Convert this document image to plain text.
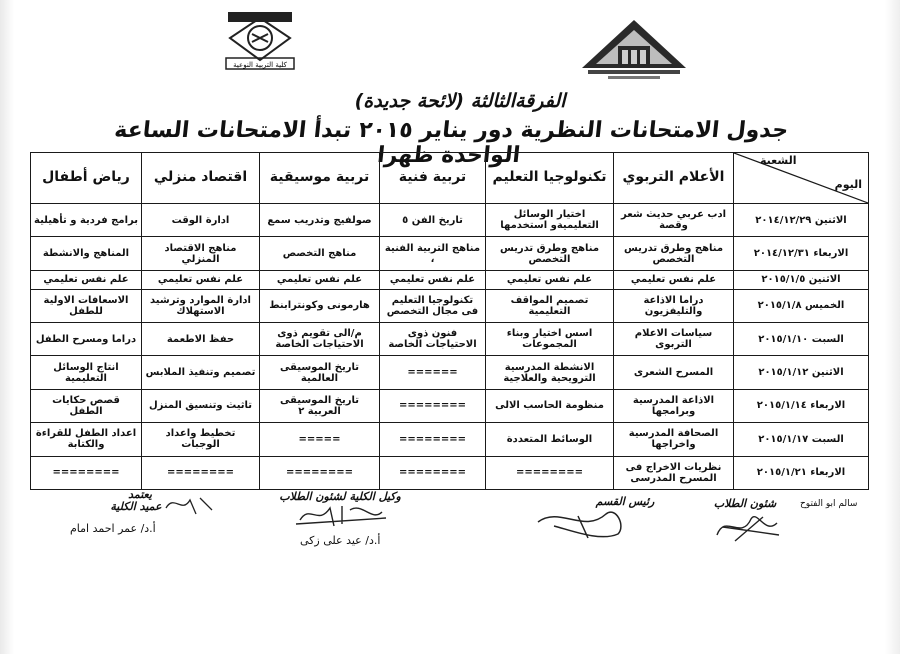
كلية التربية النوعية
الفرقةالثالثة (لائحة جديدة)
جدول الامتحانات النظرية دور يناير ٢٠١٥ تبدأ الامتحانات الساعة الواحدة ظهرا	الشعبة
اليوم	الأعلام التربوي	تكنولوجيا التعليم	تربية فنية	تربية موسيقية	اقتصاد منزلي	رياض أطفال
الاثنين ٢٠١٤/١٢/٢٩	ادب عربي حديث شعر وقصة	اختيار الوسائل التعليميةو استخدمها	تاريخ الفن ٥	صولفيج وتدريب سمع	ادارة الوقت	برامج فردية و تأهيلية
الاربعاء ٢٠١٤/١٢/٣١	مناهج وطرق تدريس التخصص	مناهج وطرق تدريس التخصص	مناهج التربية الفنية ،	مناهج التخصص	مناهج الاقتصاد المنزلي	المناهج والانشطة
الاثنين ٢٠١٥/١/٥	علم نفس تعليمي	علم نفس تعليمي	علم نفس تعليمي	علم نفس تعليمي	علم نفس تعليمي	علم نفس تعليمي
الخميس ٢٠١٥/١/٨	دراما الاذاعة والتليفزيون	تصميم المواقف التعليمية	تكنولوجيا التعليم فى مجال التخصص	هارمونى وكونترابنط	ادارة الموارد وترشيد الاستهلاك	الاسعافات الاولية للطفل
السبت ٢٠١٥/١/١٠	سياسات الاعلام التربوى	اسس اختيار وبناء المجموعات	فنون ذوى الاحتياجات الخاصة	م/الى تقويم ذوى الاحتياجات الخاصة	حفظ الاطعمة	دراما ومسرح الطفل
الاثنين ٢٠١٥/١/١٢	المسرح الشعرى	الانشطة المدرسية الترويحية والعلاجية	======	تاريخ الموسيقى العالمية	تصميم وتنفيذ الملابس	انتاج الوسائل التعليمية
الاربعاء ٢٠١٥/١/١٤	الاذاعة المدرسية وبرامجها	منظومة الحاسب الالى	========	تاريخ الموسيقى العربية ٢	تاثيث وتنسيق المنزل	قصص حكايات الطفل
السبت ٢٠١٥/١/١٧	الصحافة المدرسية واخراجها	الوسائط المتعددة	========	=====	تخطيط واعداد الوجبات	اعداد الطفل للقراءة والكتابة
الاربعاء ٢٠١٥/١/٢١	نظريات الاخراج فى المسرح المدرسى	========	========	========	========	========
شئون الطلاب	سالم ابو الفتوح
رئيس القسم
وكيل الكلية لشئون الطلاب
أ.د/ عيد على زكى
يعتمد
عميد الكلية
أ.د/ عمر احمد امام
